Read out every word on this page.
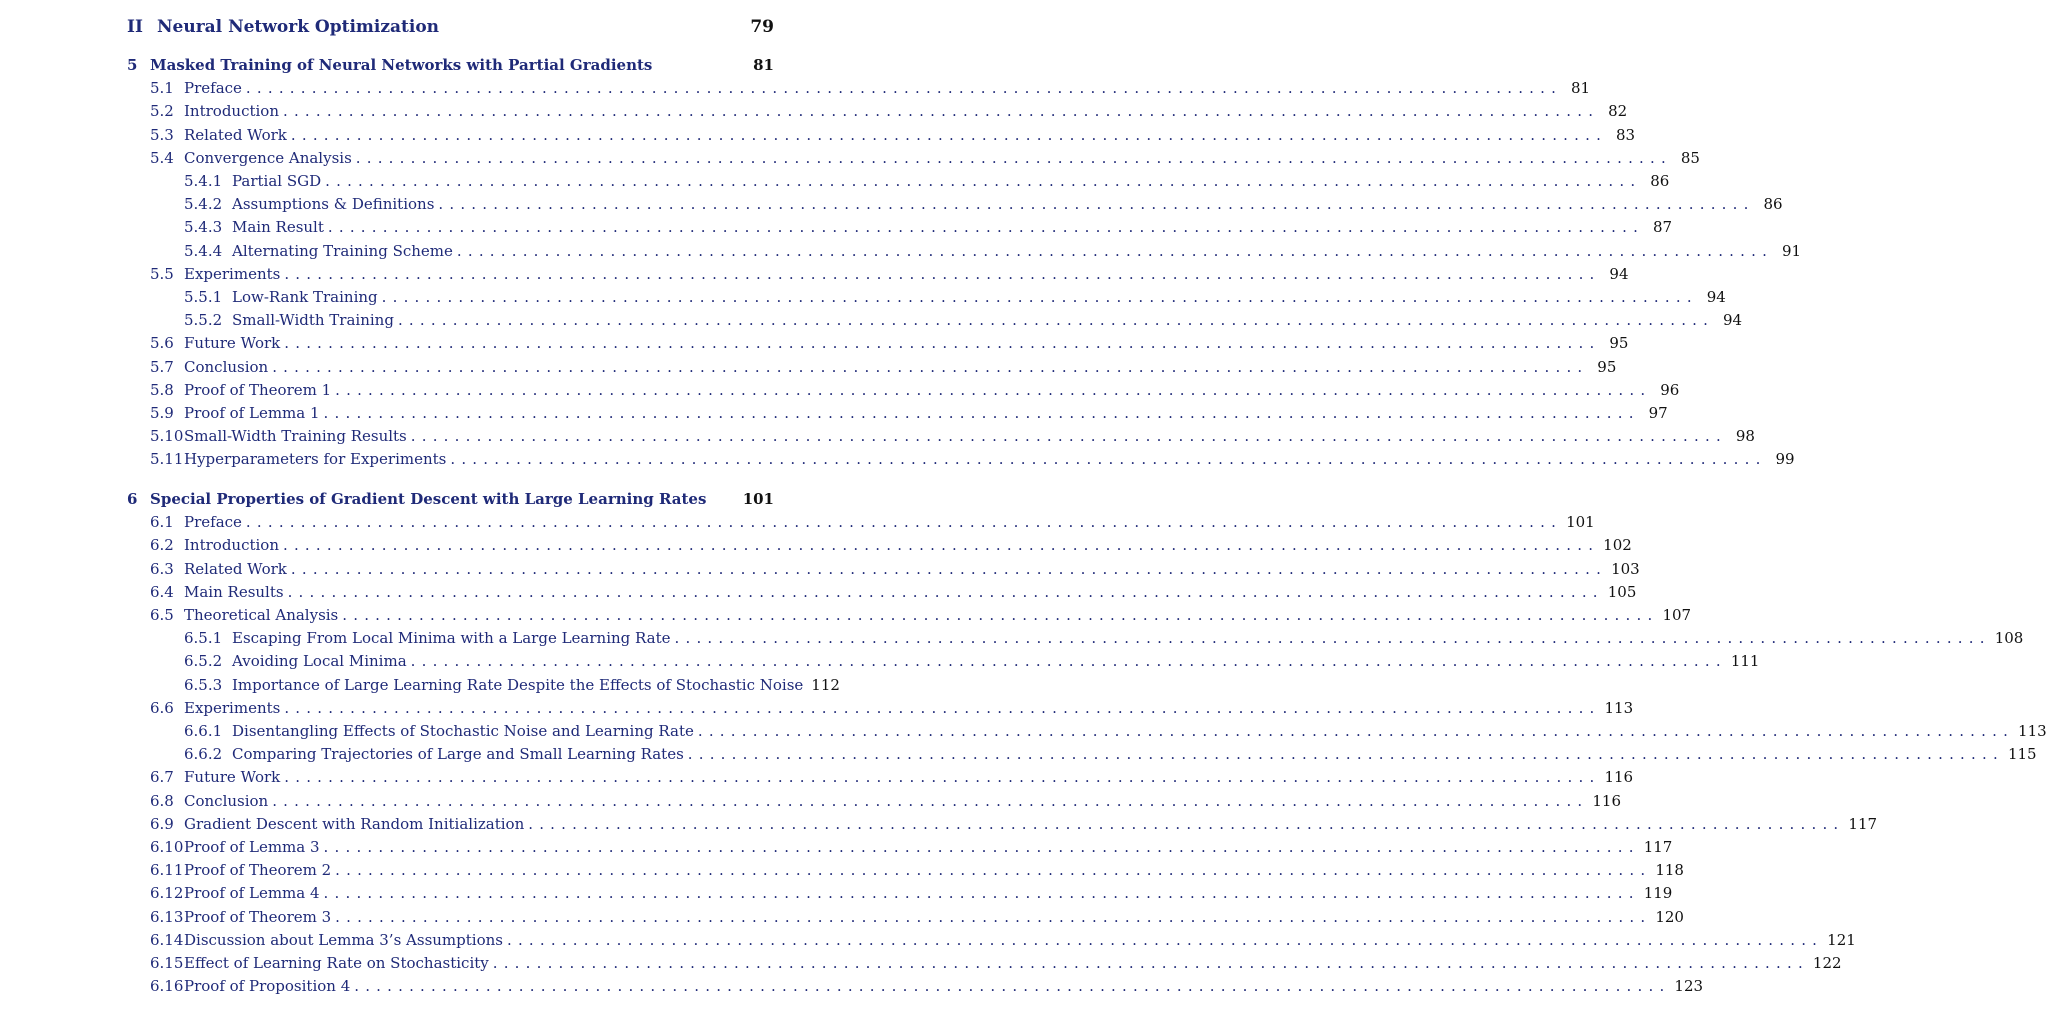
II Neural Network Optimization	79
5 Masked Training of Neural Networks with Partial Gradients	81
5.1 Preface ........................................................................................................................ 81
5.2 Introduction ........................................................................................................................ 82
5.3 Related Work ........................................................................................................................ 83
5.4 Convergence Analysis ........................................................................................................................ 85
5.4.1 Partial SGD ........................................................................................................................ 86
5.4.2 Assumptions & Definitions ........................................................................................................................ 86
5.4.3 Main Result ........................................................................................................................ 87
5.4.4 Alternating Training Scheme ........................................................................................................................ 91
5.5 Experiments ........................................................................................................................ 94
5.5.1 Low-Rank Training ........................................................................................................................ 94
5.5.2 Small-Width Training ........................................................................................................................ 94
5.6 Future Work ........................................................................................................................ 95
5.7 Conclusion ........................................................................................................................ 95
5.8 Proof of Theorem 1 ........................................................................................................................ 96
5.9 Proof of Lemma 1 ........................................................................................................................ 97
5.10 Small-Width Training Results ........................................................................................................................ 98
5.11 Hyperparameters for Experiments ........................................................................................................................ 99
6 Special Properties of Gradient Descent with Large Learning Rates 101
6.1 Preface ........................................................................................................................ 101
6.2 Introduction ........................................................................................................................ 102
6.3 Related Work ........................................................................................................................ 103
6.4 Main Results ........................................................................................................................ 105
6.5 Theoretical Analysis ........................................................................................................................ 107
6.5.1 Escaping From Local Minima with a Large Learning Rate ........................................................................................................................ 108
6.5.2 Avoiding Local Minima ........................................................................................................................ 111
6.5.3 Importance of Large Learning Rate Despite the Effects of Stochastic Noise 112
6.6 Experiments ........................................................................................................................ 113
6.6.1 Disentangling Effects of Stochastic Noise and Learning Rate ........................................................................................................................ 113
6.6.2 Comparing Trajectories of Large and Small Learning Rates ........................................................................................................................ 115
6.7 Future Work ........................................................................................................................ 116
6.8 Conclusion ........................................................................................................................ 116
6.9 Gradient Descent with Random Initialization ........................................................................................................................ 117
6.10 Proof of Lemma 3 ........................................................................................................................ 117
6.11 Proof of Theorem 2 ........................................................................................................................ 118
6.12 Proof of Lemma 4 ........................................................................................................................ 119
6.13 Proof of Theorem 3 ........................................................................................................................ 120
6.14 Discussion about Lemma 3’s Assumptions ........................................................................................................................ 121
6.15 Effect of Learning Rate on Stochasticity ........................................................................................................................ 122
6.16 Proof of Proposition 4 ........................................................................................................................ 123
